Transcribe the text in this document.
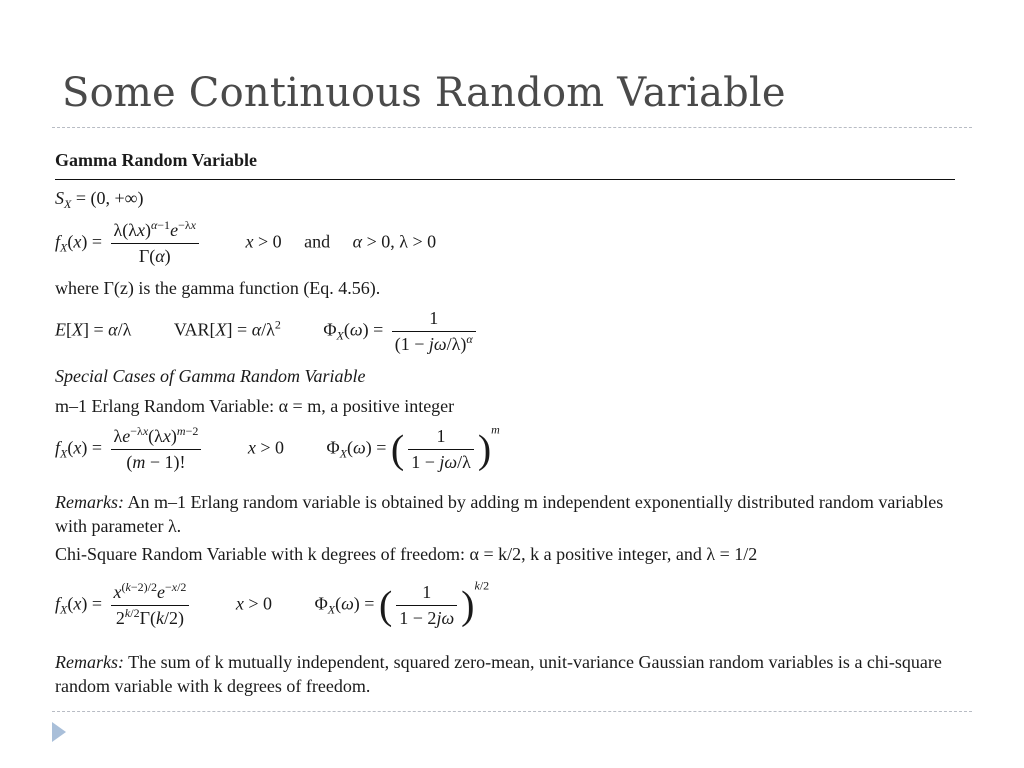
Some Continuous Random Variable
Gamma Random Variable
$S_X = (0$, +∞)
$f_X(x) = \frac{\lambda(\lambda x)^{\alpha-1}e^{-\lambda x}}{\Gamma(\alpha)}$	x > 0 and α > 0, λ > 0
where Γ(z) is the gamma function (Eq. 4.56).
E[X] = α/λ $VAR[X] = \alpha/\lambda^2$ $\Phi_X(\omega) = \frac{1}{(1 - j\omega/\lambda)^\alpha}$
Special Cases of Gamma Random Variable
m–1 Erlang Random Variable: α = m, a positive integer
$f_X(x) = \frac{\lambda e^{-\lambda x}(\lambda x)^{m-2}}{(m - 1)!}$	x > 0 $\Phi_X(\omega)$ = ( $\frac{1}{1 - j\omega/\lambda} )^m$
Remarks: An m–1 Erlang random variable is obtained by adding m independent exponentially distributed random variables with parameter λ.
Chi-Square Random Variable with k degrees of freedom: α = k/2, k a positive integer, and λ = 1/2
$f_X(x) = \frac{x^{(k-2)/2}e^{-x/2}}{2^{k/2}\Gamma(k/2)}$	x > 0 $\Phi_X(\omega)$ = ( $\frac{1}{1 - 2j\omega} )^{k/2}$
Remarks: The sum of k mutually independent, squared zero-mean, unit-variance Gaussian random variables is a chi-square random variable with k degrees of freedom.
